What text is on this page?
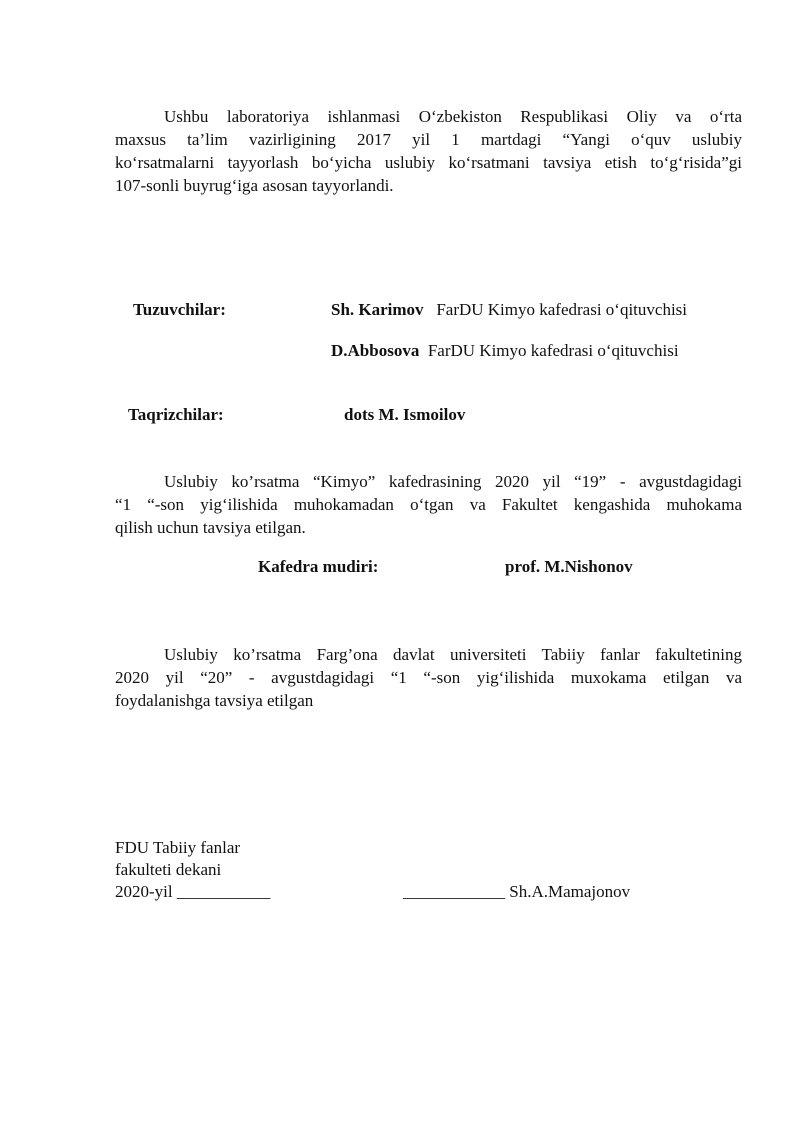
Ushbu laboratoriya ishlanmasi O‘zbekiston Respublikasi Oliy va o‘rta
maxsus ta’lim vazirligining 2017 yil 1 martdagi “Yangi o‘quv uslubiy
ko‘rsatmalarni tayyorlash bo‘yicha uslubiy ko‘rsatmani tavsiya etish to‘g‘risida”gi
107-sonli buyrug‘iga asosan tayyorlandi.
Tuzuvchilar:	Sh. Karimov FarDU Kimyo kafedrasi o‘qituvchisi
D.Abbosova FarDU Kimyo kafedrasi o‘qituvchisi
Taqrizchilar:	dots M. Ismoilov
Uslubiy ko’rsatma “Kimyo” kafedrasining 2020 yil “19” - avgustdagidagi
“1 “-son yig‘ilishida muhokamadan o‘tgan va Fakultet kengashida muhokama
qilish uchun tavsiya etilgan.
Kafedra mudiri:	prof. M.Nishonov
Uslubiy ko’rsatma Farg’ona davlat universiteti Tabiiy fanlar fakultetining
2020 yil “20” - avgustdagidagi “1 “-son yig‘ilishida muxokama etilgan va
foydalanishga tavsiya etilgan
FDU Tabiiy fanlar
fakulteti dekani
2020-yil ___________	____________ Sh.A.Mamajonov
